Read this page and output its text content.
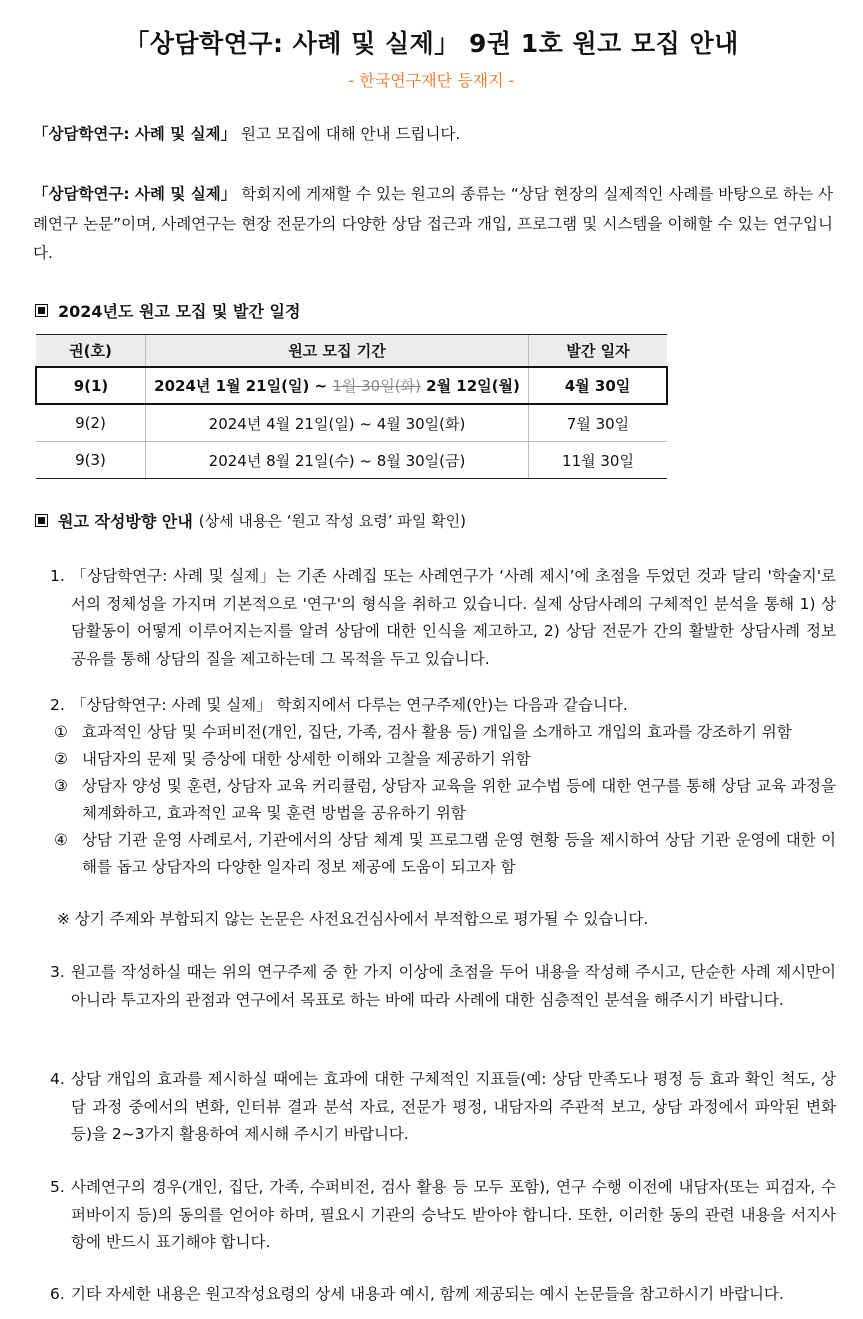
「상담학연구: 사례 및 실제」 9권 1호 원고 모집 안내
- 한국연구재단 등재지 -
「상담학연구: 사례 및 실제」 원고 모집에 대해 안내 드립니다.
「상담학연구: 사례 및 실제」 학회지에 게재할 수 있는 원고의 종류는 “상담 현장의 실제적인 사례를 바탕으로 하는 사례연구 논문”이며, 사례연구는 현장 전문가의 다양한 상담 접근과 개입, 프로그램 및 시스템을 이해할 수 있는 연구입니다.
2024년도 원고 모집 및 발간 일정
권(호)	원고 모집 기간	발간 일자
9(1)	2024년 1월 21일(일) ~ 1월 30일(화) 2월 12일(월)	4월 30일
9(2)	2024년 4월 21일(일) ~ 4월 30일(화)	7월 30일
9(3)	2024년 8월 21일(수) ~ 8월 30일(금)	11월 30일
원고 작성방향 안내 (상세 내용은 ‘원고 작성 요령’ 파일 확인)
1. 「상담학연구: 사례 및 실제」는 기존 사례집 또는 사례연구가 ‘사례 제시’에 초점을 두었던 것과 달리 '학술지'로서의 정체성을 가지며 기본적으로 '연구'의 형식을 취하고 있습니다. 실제 상담사례의 구체적인 분석을 통해 1) 상담활동이 어떻게 이루어지는지를 알려 상담에 대한 인식을 제고하고, 2) 상담 전문가 간의 활발한 상담사례 정보 공유를 통해 상담의 질을 제고하는데 그 목적을 두고 있습니다.
2. 「상담학연구: 사례 및 실제」 학회지에서 다루는 연구주제(안)는 다음과 같습니다.
① 효과적인 상담 및 수퍼비전(개인, 집단, 가족, 검사 활용 등) 개입을 소개하고 개입의 효과를 강조하기 위함
② 내담자의 문제 및 증상에 대한 상세한 이해와 고찰을 제공하기 위함
③ 상담자 양성 및 훈련, 상담자 교육 커리큘럼, 상담자 교육을 위한 교수법 등에 대한 연구를 통해 상담 교육 과정을 체계화하고, 효과적인 교육 및 훈련 방법을 공유하기 위함
④ 상담 기관 운영 사례로서, 기관에서의 상담 체계 및 프로그램 운영 현황 등을 제시하여 상담 기관 운영에 대한 이해를 돕고 상담자의 다양한 일자리 정보 제공에 도움이 되고자 함
※ 상기 주제와 부합되지 않는 논문은 사전요건심사에서 부적합으로 평가될 수 있습니다.
3. 원고를 작성하실 때는 위의 연구주제 중 한 가지 이상에 초점을 두어 내용을 작성해 주시고, 단순한 사례 제시만이 아니라 투고자의 관점과 연구에서 목표로 하는 바에 따라 사례에 대한 심층적인 분석을 해주시기 바랍니다.
4. 상담 개입의 효과를 제시하실 때에는 효과에 대한 구체적인 지표들(예: 상담 만족도나 평정 등 효과 확인 척도, 상담 과정 중에서의 변화, 인터뷰 결과 분석 자료, 전문가 평정, 내담자의 주관적 보고, 상담 과정에서 파악된 변화 등)을 2~3가지 활용하여 제시해 주시기 바랍니다.
5. 사례연구의 경우(개인, 집단, 가족, 수퍼비전, 검사 활용 등 모두 포함), 연구 수행 이전에 내담자(또는 피검자, 수퍼바이지 등)의 동의를 얻어야 하며, 필요시 기관의 승낙도 받아야 합니다. 또한, 이러한 동의 관련 내용을 서지사항에 반드시 표기해야 합니다.
6. 기타 자세한 내용은 원고작성요령의 상세 내용과 예시, 함께 제공되는 예시 논문들을 참고하시기 바랍니다.
